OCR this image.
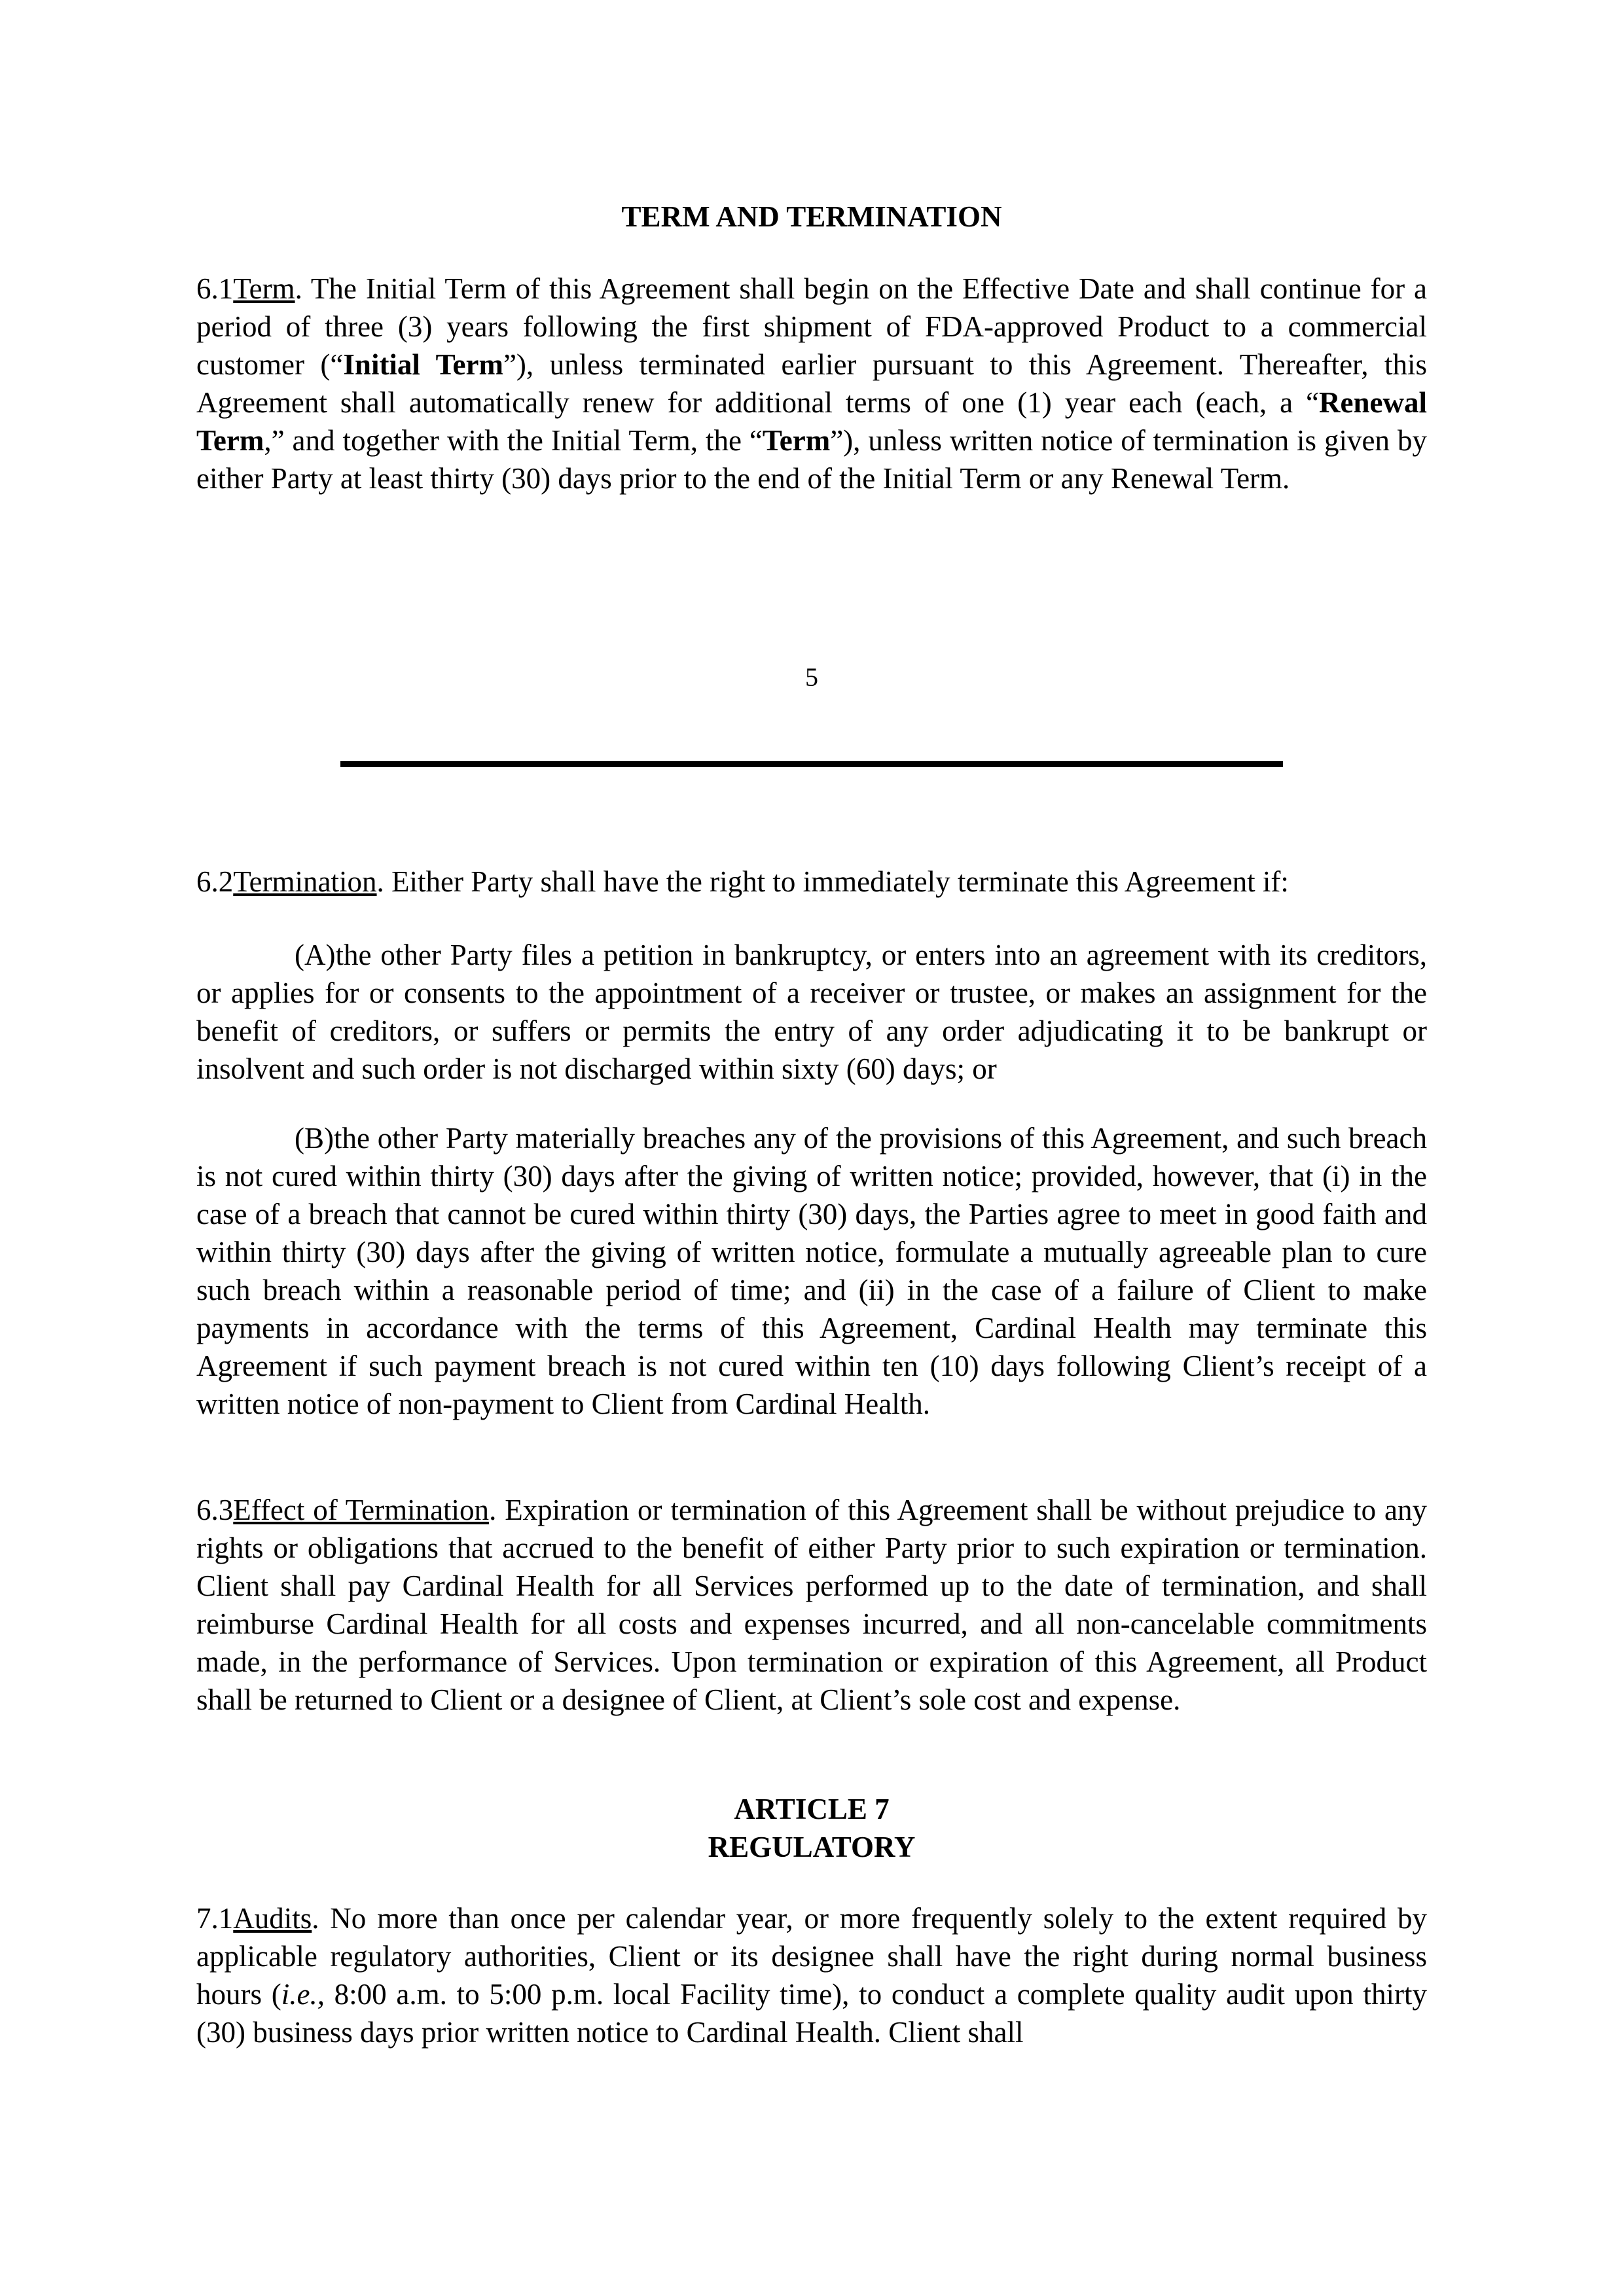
TERM AND TERMINATION
6.1Term. The Initial Term of this Agreement shall begin on the Effective Date and shall continue for a period of three (3) years following the first shipment of FDA-approved Product to a commercial customer (“Initial Term”), unless terminated earlier pursuant to this Agreement. Thereafter, this Agreement shall automatically renew for additional terms of one (1) year each (each, a “Renewal Term,” and together with the Initial Term, the “Term”), unless written notice of termination is given by either Party at least thirty (30) days prior to the end of the Initial Term or any Renewal Term.
5
6.2Termination. Either Party shall have the right to immediately terminate this Agreement if:
(A)the other Party files a petition in bankruptcy, or enters into an agreement with its creditors, or applies for or consents to the appointment of a receiver or trustee, or makes an assignment for the benefit of creditors, or suffers or permits the entry of any order adjudicating it to be bankrupt or insolvent and such order is not discharged within sixty (60) days; or
(B)the other Party materially breaches any of the provisions of this Agreement, and such breach is not cured within thirty (30) days after the giving of written notice; provided, however, that (i) in the case of a breach that cannot be cured within thirty (30) days, the Parties agree to meet in good faith and within thirty (30) days after the giving of written notice, formulate a mutually agreeable plan to cure such breach within a reasonable period of time; and (ii) in the case of a failure of Client to make payments in accordance with the terms of this Agreement, Cardinal Health may terminate this Agreement if such payment breach is not cured within ten (10) days following Client’s receipt of a written notice of non-payment to Client from Cardinal Health.
6.3Effect of Termination. Expiration or termination of this Agreement shall be without prejudice to any rights or obligations that accrued to the benefit of either Party prior to such expiration or termination. Client shall pay Cardinal Health for all Services performed up to the date of termination, and shall reimburse Cardinal Health for all costs and expenses incurred, and all non-cancelable commitments made, in the performance of Services. Upon termination or expiration of this Agreement, all Product shall be returned to Client or a designee of Client, at Client’s sole cost and expense.
ARTICLE 7
REGULATORY
7.1Audits. No more than once per calendar year, or more frequently solely to the extent required by applicable regulatory authorities, Client or its designee shall have the right during normal business hours (i.e., 8:00 a.m. to 5:00 p.m. local Facility time), to conduct a complete quality audit upon thirty (30) business days prior written notice to Cardinal Health. Client shall
